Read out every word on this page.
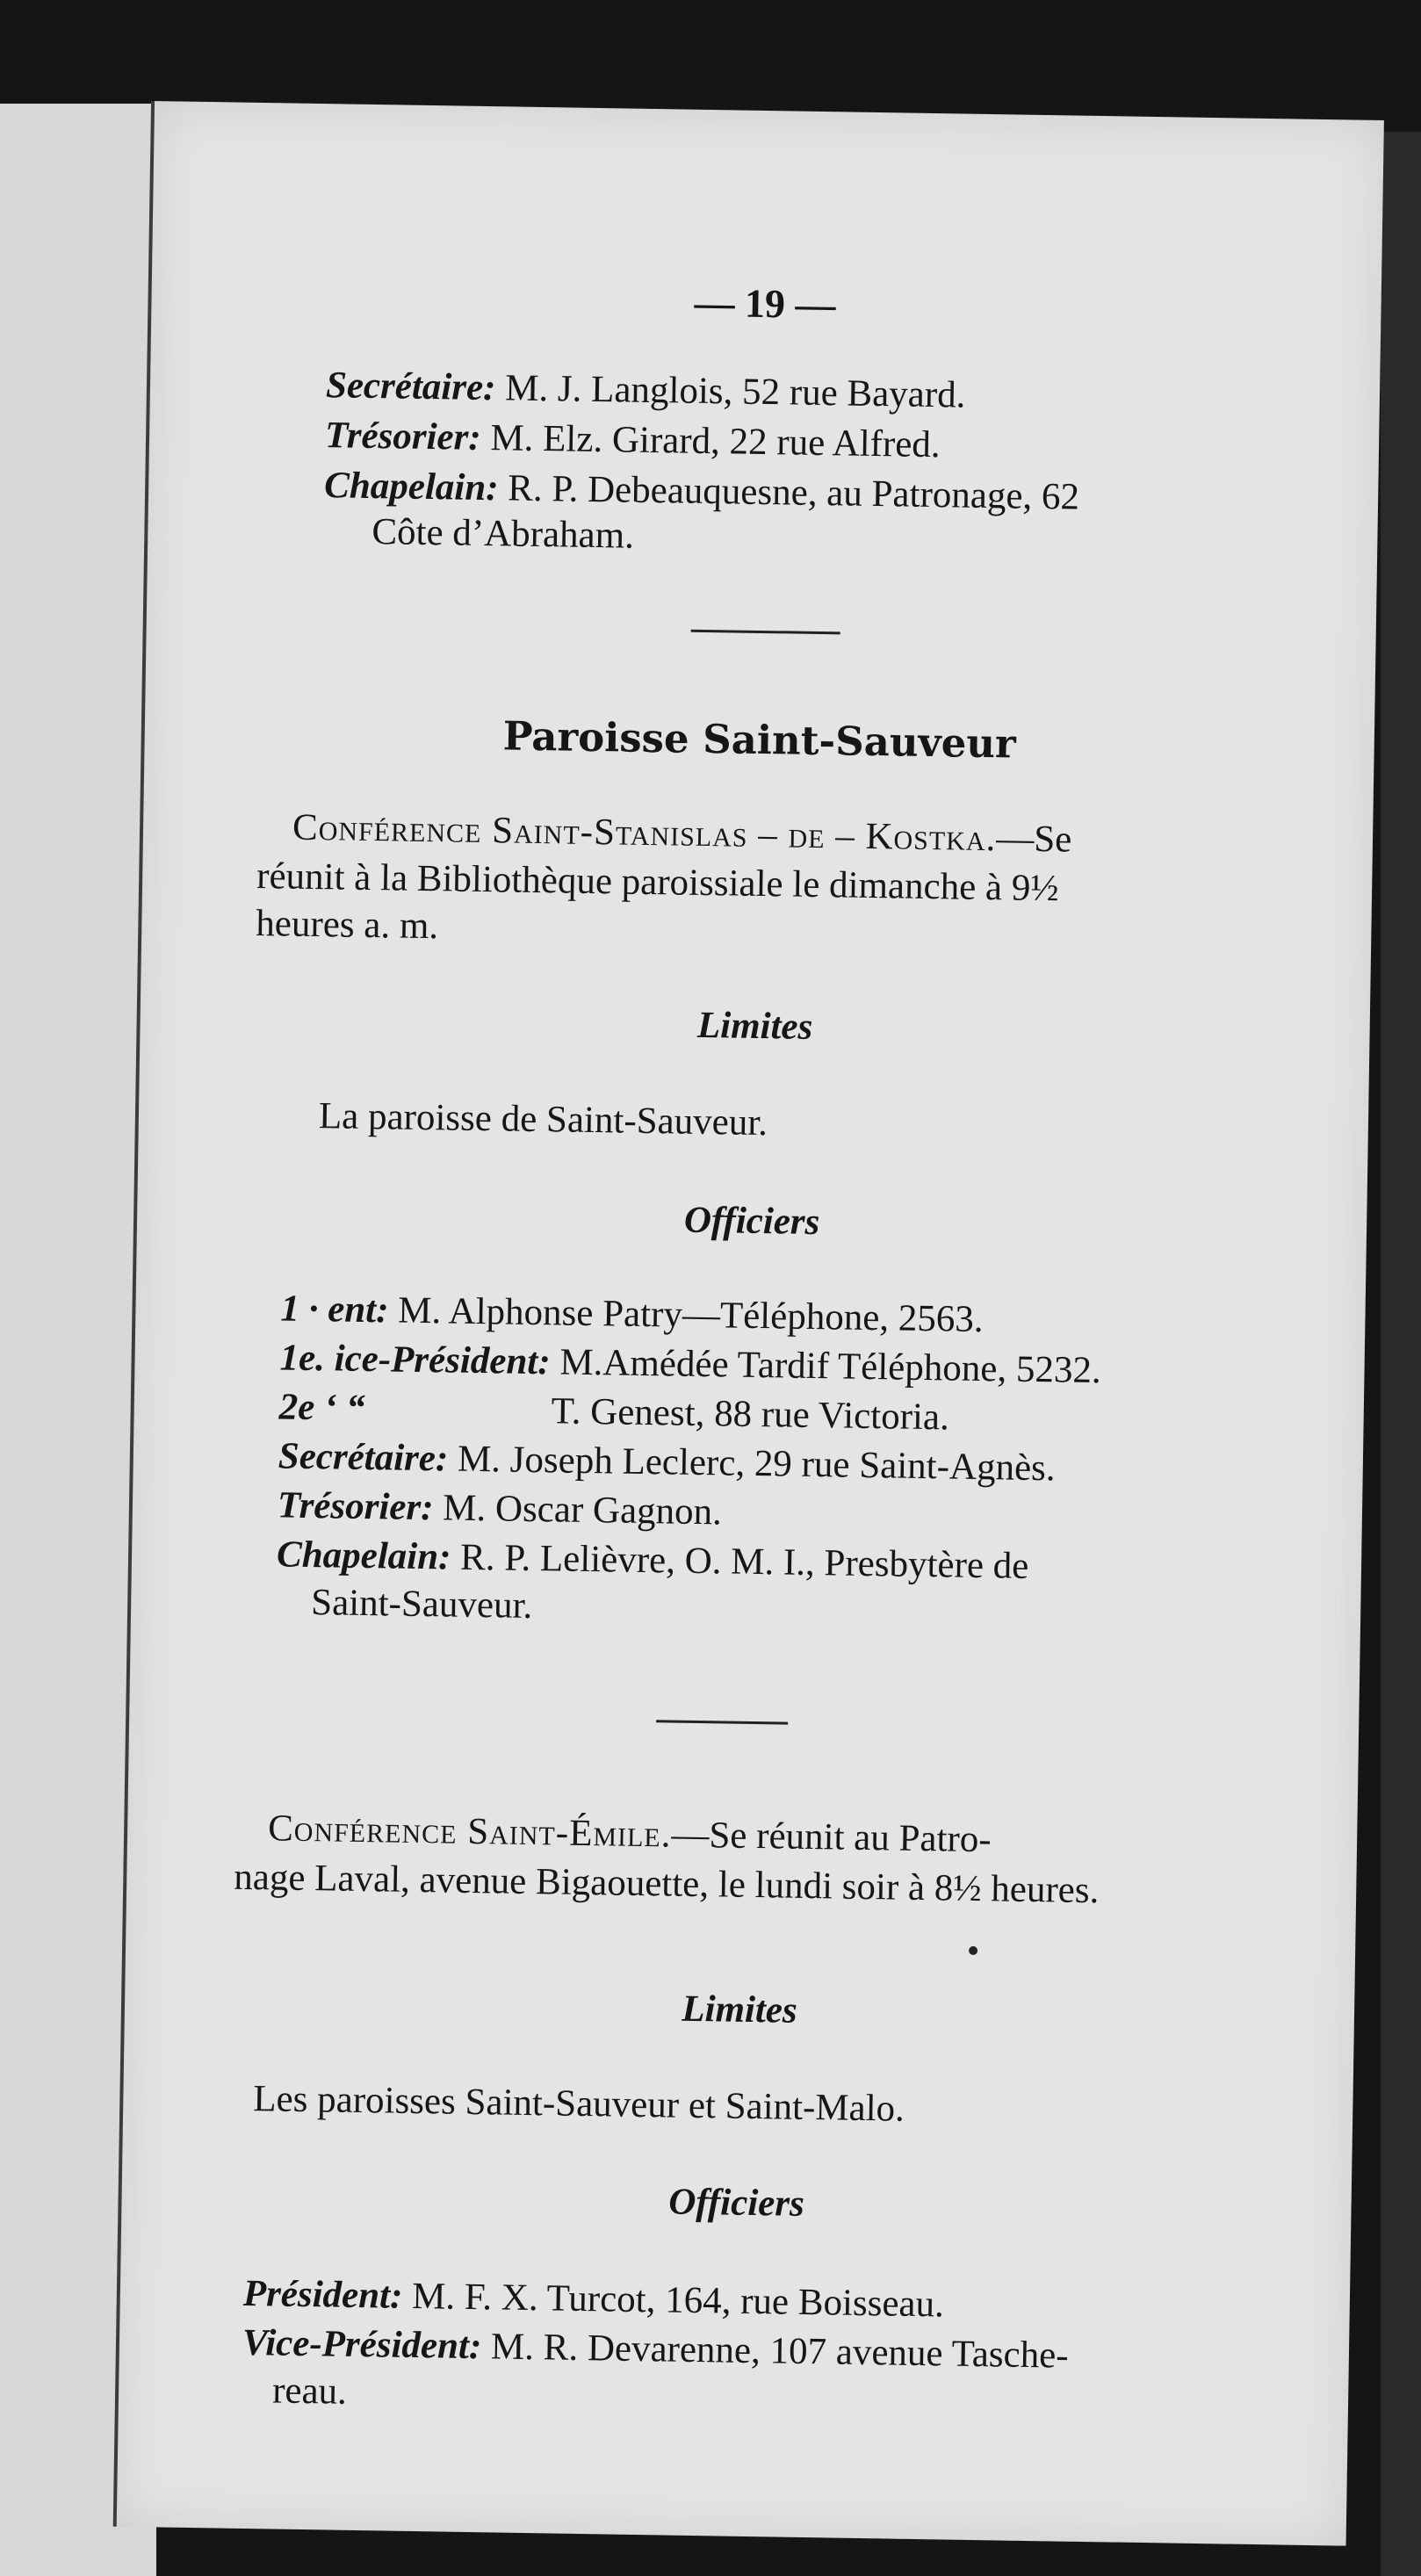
— 19 —

Secrétaire: M. J. Langlois, 52 rue Bayard.

Trésorier: M. Elz. Girard, 22 rue Alfred.

Chapelain: R. P. Debeauquesne, au Patronage, 62

Côte d’Abraham.

Paroisse Saint-Sauveur

Conférence Saint-Stanislas – de – Kostka.—Se

réunit à la Bibliothèque paroissiale le dimanche à 9½

heures a. m.

Limites

La paroisse de Saint-Sauveur.

Officiers

1 · ent: M. Alphonse Patry—Téléphone, 2563.

1e. ice-Président: M.Amédée Tardif Téléphone, 5232.

2e ‘ “	T. Genest, 88 rue Victoria.

Secrétaire: M. Joseph Leclerc, 29 rue Saint-Agnès.

Trésorier: M. Oscar Gagnon.

Chapelain: R. P. Lelièvre, O. M. I., Presbytère de

Saint-Sauveur.

Conférence Saint-Émile.—Se réunit au Patro-

nage Laval, avenue Bigaouette, le lundi soir à 8½ heures.

Limites

Les paroisses Saint-Sauveur et Saint-Malo.

Officiers

Président: M. F. X. Turcot, 164, rue Boisseau.

Vice-Président: M. R. Devarenne, 107 avenue Tasche-

reau.
